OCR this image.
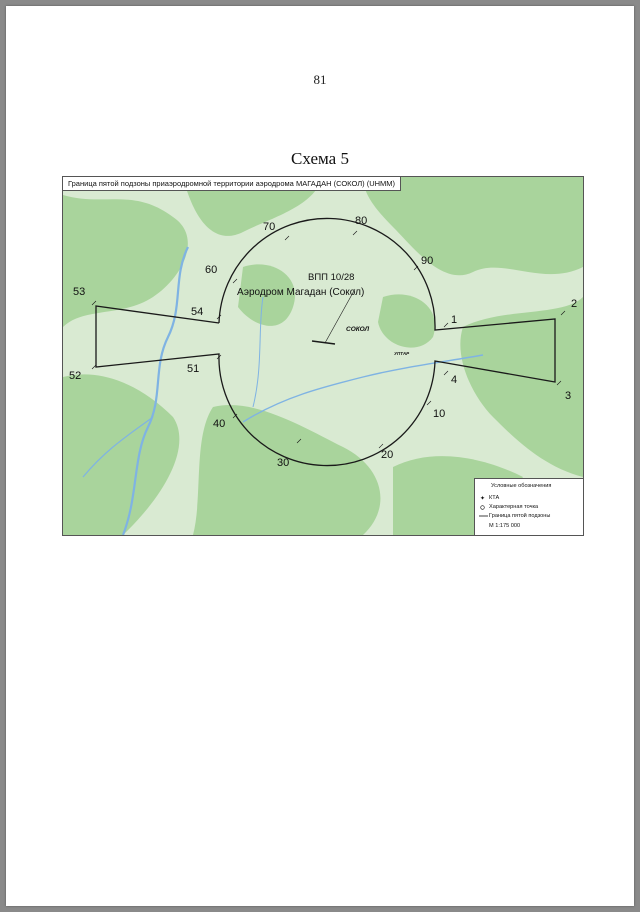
81
Схема 5
ВПП 10/28
Аэродром Магадан (Сокол)
СОКОЛ
УПТАР
1
2
3
4
10
20
30
40
51
52
53
54
60
70	80
90
Граница пятой подзоны приаэродромной территории аэродрома МАГАДАН (СОКОЛ) (UHMM)
Условные обозначения
✦ КТА
Характерная точка
Граница пятой подзоны
М 1:175 000
